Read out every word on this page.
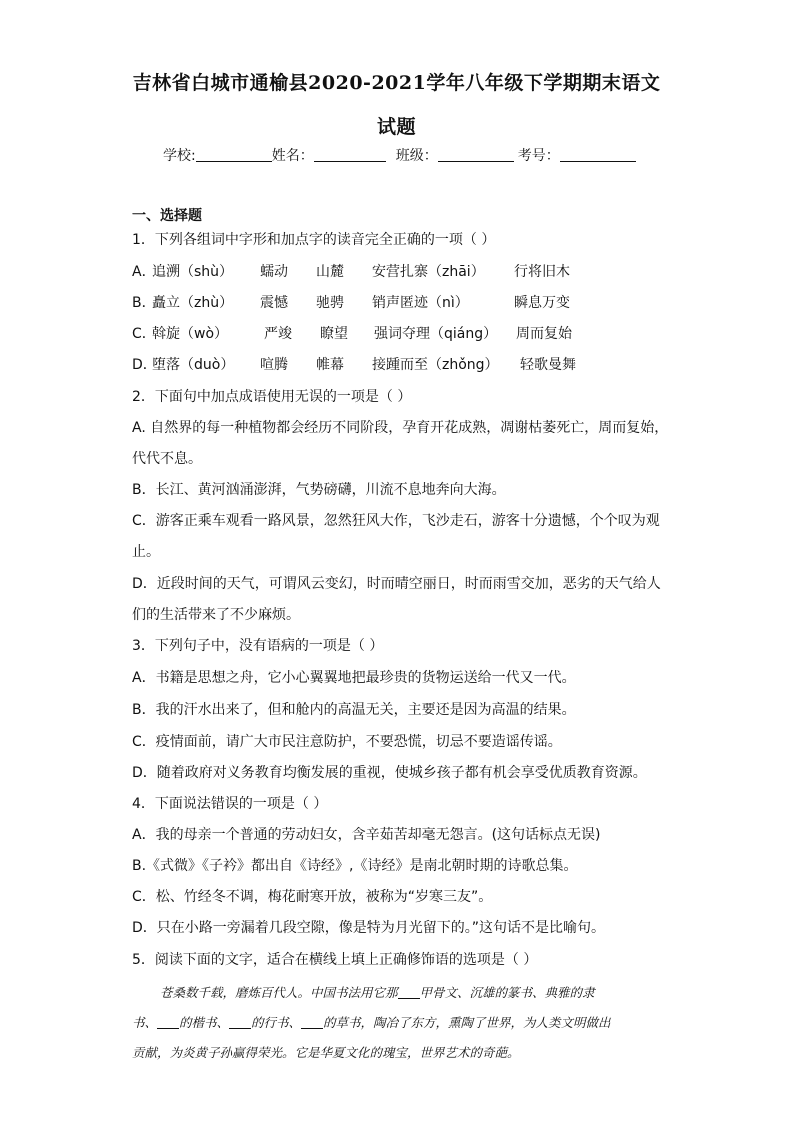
吉林省白城市通榆县2020-2021学年八年级下学期期末语文
试题
学校:	姓名：	班级：	考号：
一、选择题
1．下列各组词中字形和加点字的读音完全正确的一项（ ）
A．追溯（shù） 蠕动 山麓 安营扎寨（zhāi） 行将旧木
B．矗立（zhù） 震憾 驰骋 销声匿迹（nì）	瞬息万变
C．斡旋（wò）	严竣 瞭望 强词夺理（qiáng） 周而复始
D．堕落（duò） 喧腾 帷幕 接踵而至（zhǒng） 轻歌曼舞
2．下面句中加点成语使用无误的一项是（ ）
A. 自然界的每一种植物都会经历不同阶段，孕育开花成熟，凋谢枯萎死亡，周而复始，
代代不息。
B．长江、黄河汹涌澎湃，气势磅礴，川流不息地奔向大海。
C．游客正乘车观看一路风景，忽然狂风大作，飞沙走石，游客十分遗憾，个个叹为观
止。
D．近段时间的天气，可谓风云变幻，时而晴空丽日，时而雨雪交加，恶劣的天气给人
们的生活带来了不少麻烦。
3．下列句子中，没有语病的一项是（ ）
A．书籍是思想之舟，它小心翼翼地把最珍贵的货物运送给一代又一代。
B．我的汗水出来了，但和舱内的高温无关，主要还是因为高温的结果。
C．疫情面前，请广大市民注意防护，不要恐慌，切忌不要造谣传谣。
D．随着政府对义务教育均衡发展的重视，使城乡孩子都有机会享受优质教育资源。
4．下面说法错误的一项是（ ）
A．我的母亲一个普通的劳动妇女，含辛茹苦却毫无怨言。(这句话标点无误)
B.《式微》《子衿》都出自《诗经》,《诗经》是南北朝时期的诗歌总集。
C．松、竹经冬不调，梅花耐寒开放，被称为“岁寒三友”。
D．只在小路一旁漏着几段空隙，像是特为月光留下的。”这句话不是比喻句。
5．阅读下面的文字，适合在横线上填上正确修饰语的选项是（ ）
苍桑数千载，磨炼百代人。中国书法用它那 甲骨文、沉雄的篆书、典雅的隶
书、 的楷书、 的行书、 的草书，陶冶了东方，熏陶了世界，为人类文明做出
贡献，为炎黄子孙赢得荣光。它是华夏文化的瑰宝，世界艺术的奇葩。
